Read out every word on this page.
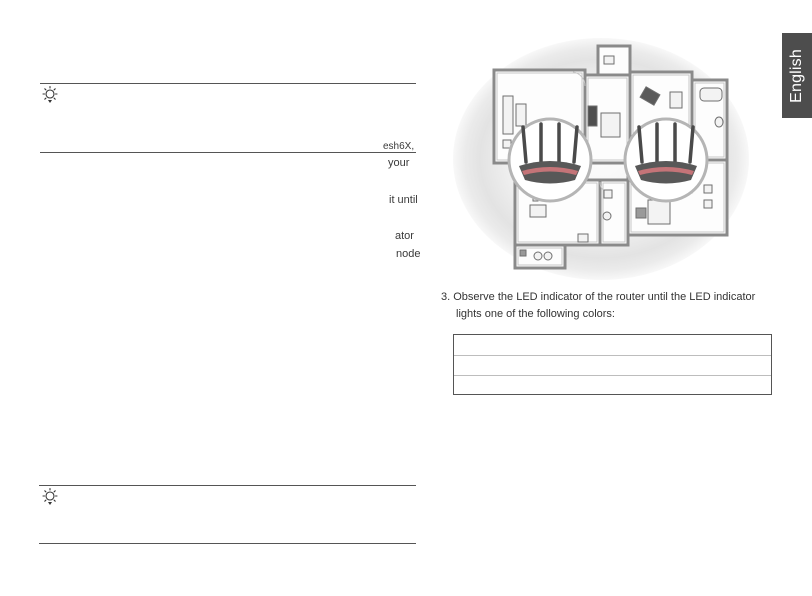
esh6X,
your
it until
ator
node
3. Observe the LED indicator of the router until the LED indicator
lights one of the following colors:
English
